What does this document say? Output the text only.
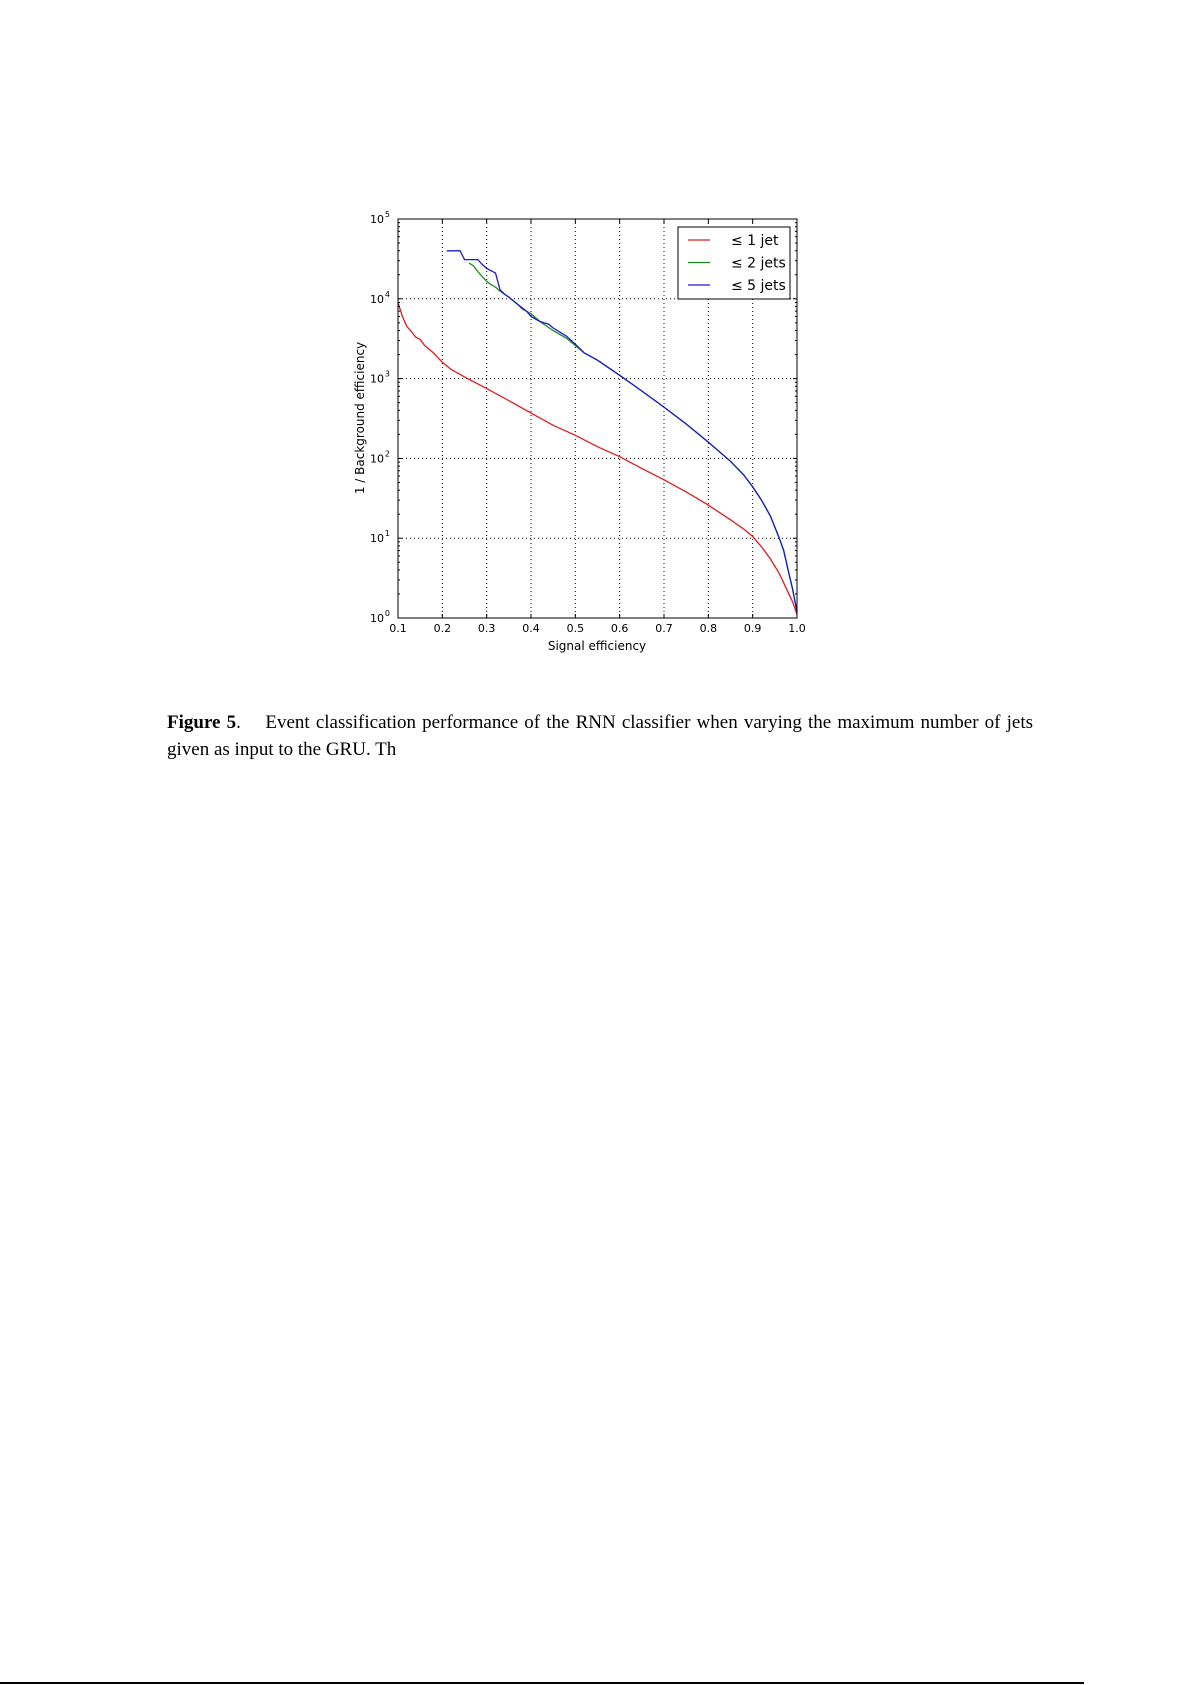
0.1 0.2 0.3 0.4 0.5 0.6 0.7 0.8 0.9 1.0
10 0
10 1
10 2
10 3
10 4
10 5
Signal efficiency
1 / Background efficiency
≤ 1 jet
≤ 2 jets
≤ 5 jets
Figure 5.    Event classification performance of the RNN classifier when varying the maximum number of jets given as input to the GRU. Th
